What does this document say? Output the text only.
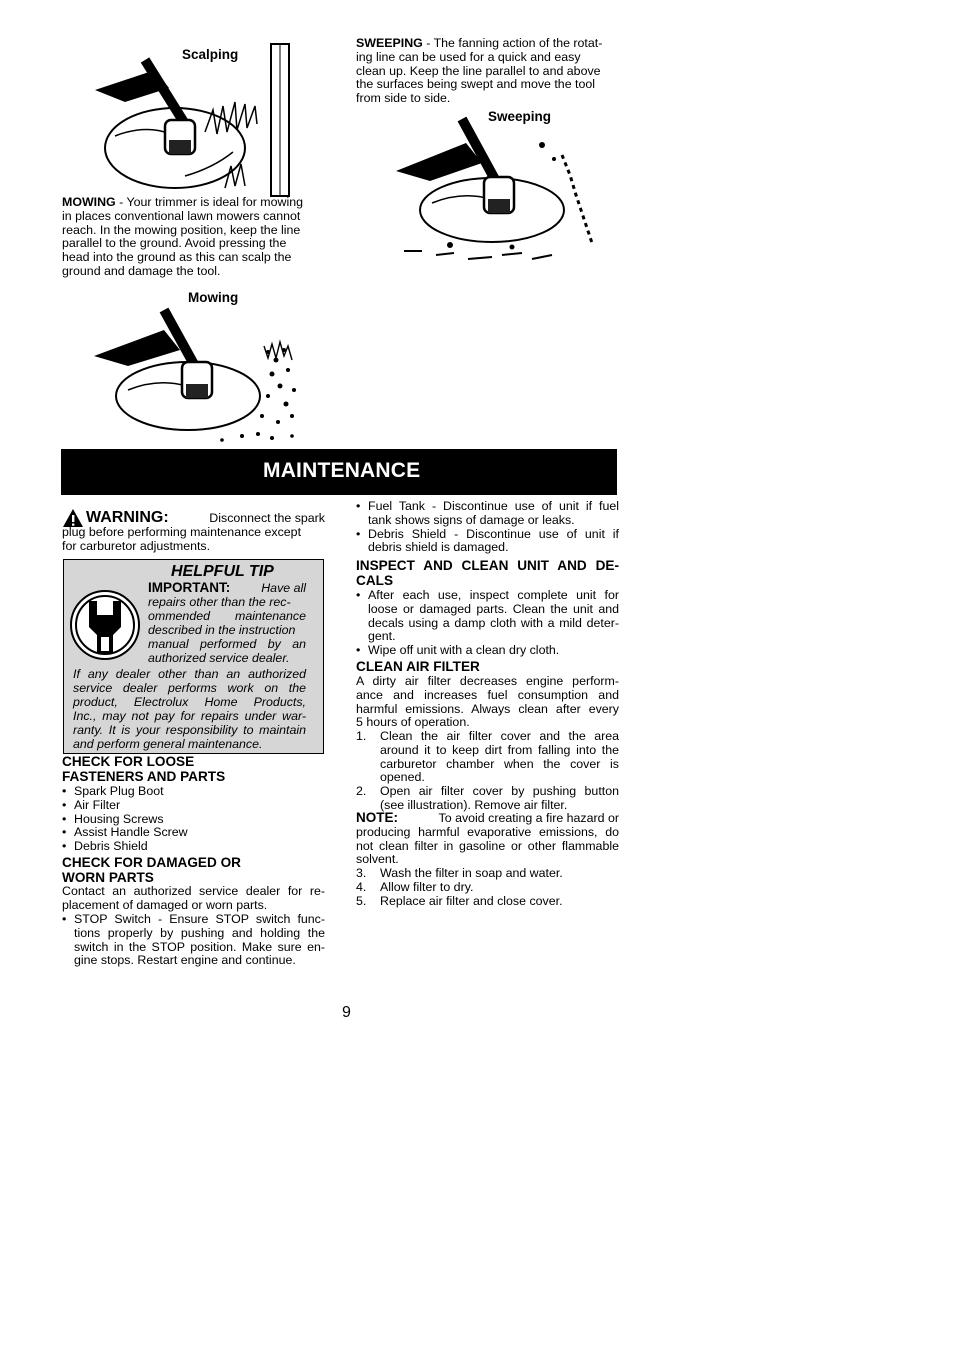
Scalping
SWEEPING - The fanning action of the rotat-
ing line can be used for a quick and easy
clean up. Keep the line parallel to and above
the surfaces being swept and move the tool
from side to side.
Sweeping
MOWING - Your trimmer is ideal for mowing
in places conventional lawn mowers cannot
reach. In the mowing position, keep the line
parallel to the ground. Avoid pressing the
head into the ground as this can scalp the
ground and damage the tool.
Mowing
MAINTENANCE
WARNING:	Disconnect the spark
plug before performing maintenance except
for carburetor adjustments.
HELPFUL TIP
IMPORTANT: Have all
repairs other than the rec-
ommended maintenance
described in the instruction
manual performed by an
authorized service dealer.
If any dealer other than an authorized
service dealer performs work on the
product, Electrolux Home Products,
Inc., may not pay for repairs under war-
ranty. It is your responsibility to maintain
and perform general maintenance.
CHECK FOR LOOSE
FASTENERS AND PARTS
• Spark Plug Boot
• Air Filter
• Housing Screws
• Assist Handle Screw
• Debris Shield
CHECK FOR DAMAGED OR
WORN PARTS
Contact an authorized service dealer for re-
placement of damaged or worn parts.
• STOP Switch - Ensure STOP switch func-
tions properly by pushing and holding the
switch in the STOP position. Make sure en-
gine stops. Restart engine and continue.
• Fuel Tank - Discontinue use of unit if fuel
tank shows signs of damage or leaks.
• Debris Shield - Discontinue use of unit if
debris shield is damaged.
INSPECT AND CLEAN UNIT AND DE-
CALS
• After each use, inspect complete unit for
loose or damaged parts. Clean the unit and
decals using a damp cloth with a mild deter-
gent.
• Wipe off unit with a clean dry cloth.
CLEAN AIR FILTER
A dirty air filter decreases engine perform-
ance and increases fuel consumption and
harmful emissions. Always clean after every
5 hours of operation.
1. Clean the air filter cover and the area
around it to keep dirt from falling into the
carburetor chamber when the cover is
opened.
2. Open air filter cover by pushing button
(see illustration). Remove air filter.
NOTE:	To avoid creating a fire hazard or
producing harmful evaporative emissions, do
not clean filter in gasoline or other flammable
solvent.
3. Wash the filter in soap and water.
4. Allow filter to dry.
5. Replace air filter and close cover.
9
